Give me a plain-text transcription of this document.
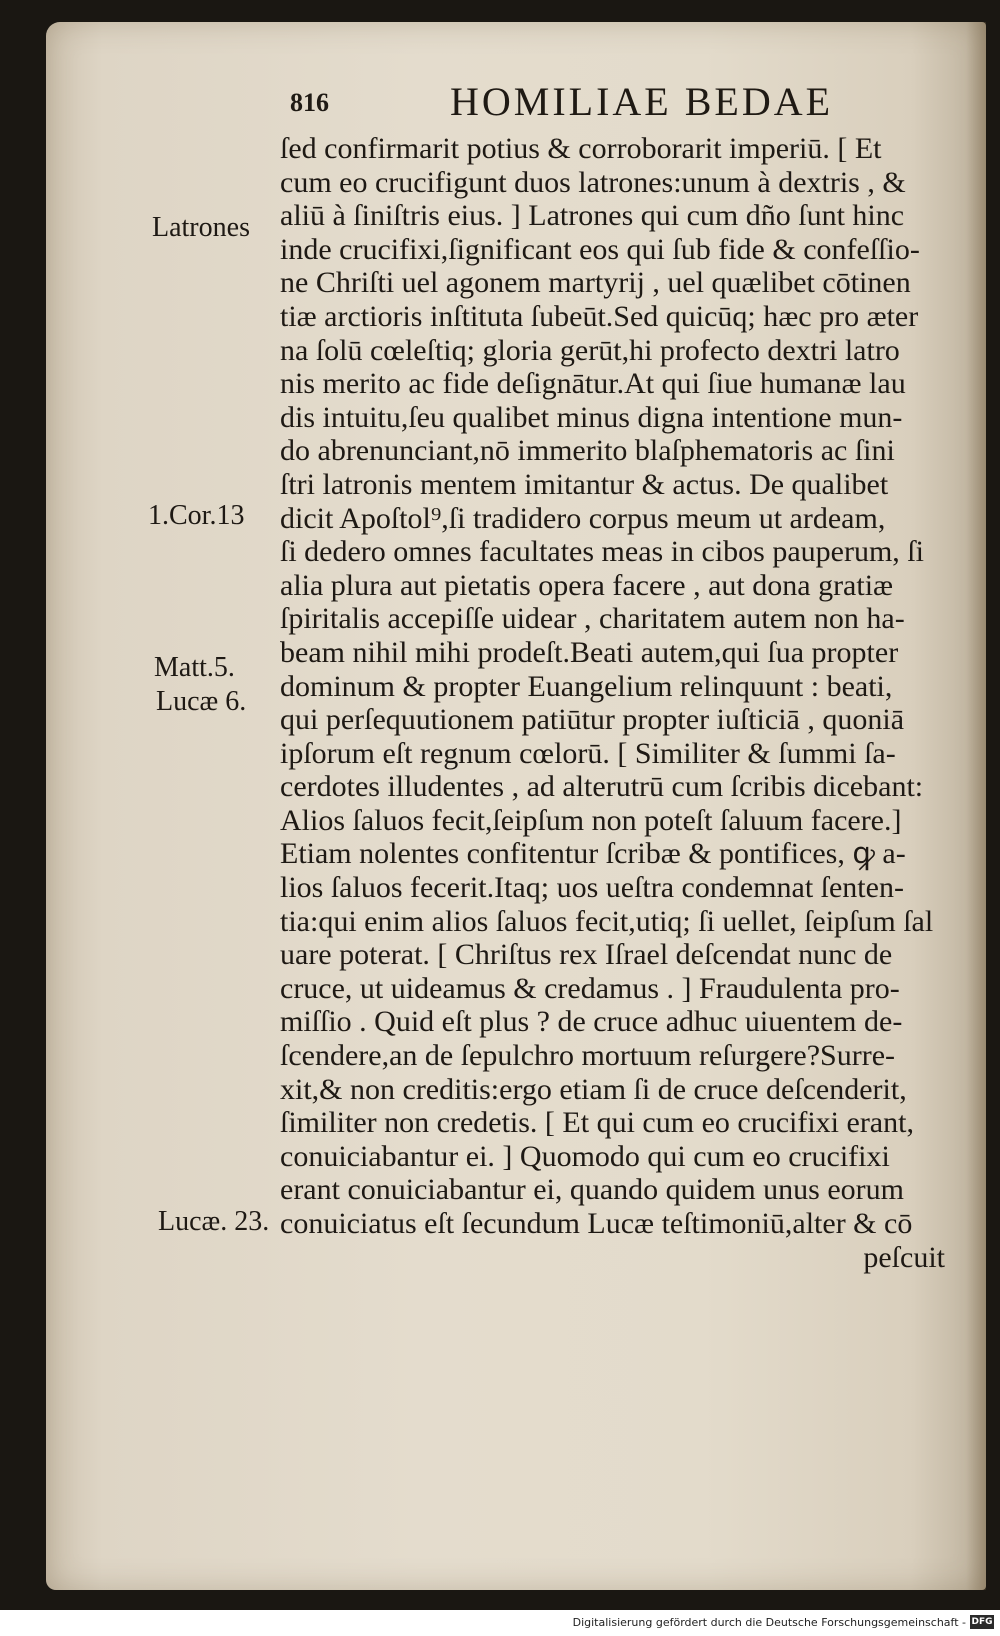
816	HOMILIAE BEDAE
Latrones
1.Cor.13
Matt.5.
Lucæ 6.
Lucæ. 23.
ſed confirmarit potius & corroborarit imperiū. [ Et
cum eo crucifigunt duos latrones:unum à dextris , &
aliū à ſiniſtris eius. ] Latrones qui cum dño ſunt hinc
inde crucifixi,ſignificant eos qui ſub fide & confeſſio-
ne Chriſti uel agonem martyrij , uel quælibet cōtinen
tiæ arctioris inſtituta ſubeūt.Sed quicūq; hæc pro æter
na ſolū cœleſtiq; gloria gerūt,hi profecto dextri latro
nis merito ac fide deſignātur.At qui ſiue humanæ lau
dis intuitu,ſeu qualibet minus digna intentione mun-
do abrenunciant,nō immerito blaſphematoris ac ſini
ſtri latronis mentem imitantur & actus. De qualibet
dicit Apoſtol⁹,ſi tradidero corpus meum ut ardeam,
ſi dedero omnes facultates meas in cibos pauperum, ſi
alia plura aut pietatis opera facere , aut dona gratiæ
ſpiritalis accepiſſe uidear , charitatem autem non ha-
beam nihil mihi prodeſt.Beati autem,qui ſua propter
dominum & propter Euangelium relinquunt : beati,
qui perſequutionem patiūtur propter iuſticiā , quoniā
ipſorum eſt regnum cœlorū. [ Similiter & ſummi ſa-
cerdotes illudentes , ad alterutrū cum ſcribis dicebant:
Alios ſaluos fecit,ſeipſum non poteſt ſaluum facere.]
Etiam nolentes confitentur ſcribæ & pontifices, ꝙ a-
lios ſaluos fecerit.Itaq; uos ueſtra condemnat ſenten-
tia:qui enim alios ſaluos fecit,utiq; ſi uellet, ſeipſum ſal
uare poterat. [ Chriſtus rex Iſrael deſcendat nunc de
cruce, ut uideamus & credamus . ] Fraudulenta pro-
miſſio . Quid eſt plus ? de cruce adhuc uiuentem de-
ſcendere,an de ſepulchro mortuum reſurgere?Surre-
xit,& non creditis:ergo etiam ſi de cruce deſcenderit,
ſimiliter non credetis. [ Et qui cum eo crucifixi erant,
conuiciabantur ei. ] Quomodo qui cum eo crucifixi
erant conuiciabantur ei, quando quidem unus eorum
conuiciatus eſt ſecundum Lucæ teſtimoniū,alter & cō
peſcuit
Digitalisierung gefördert durch die Deutsche Forschungsgemeinschaft - DFG
